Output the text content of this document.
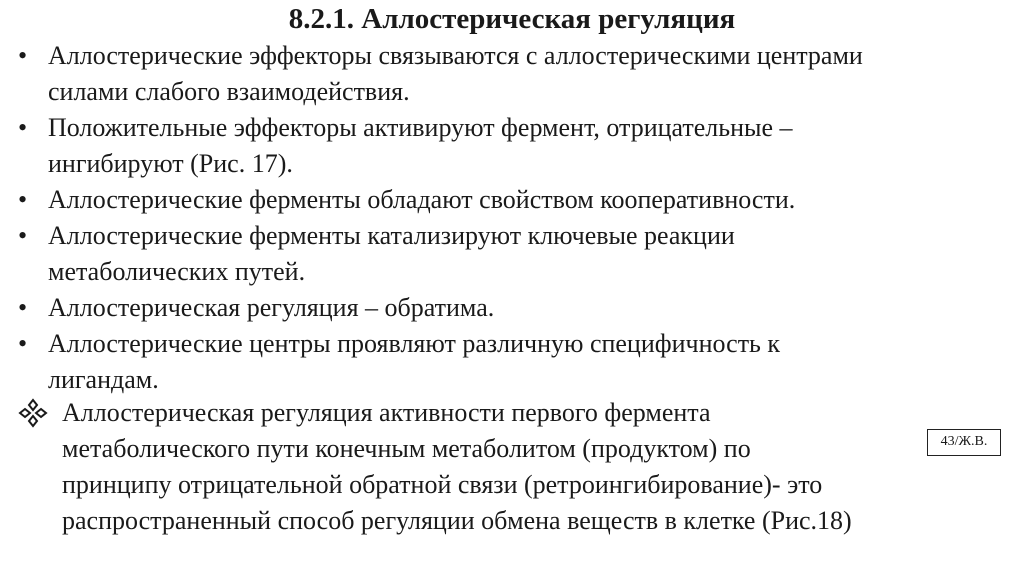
8.2.1. Аллостерическая регуляция
• Аллостерические эффекторы связываются с аллостерическими центрами
силами слабого взаимодействия.
• Положительные эффекторы активируют фермент, отрицательные –
ингибируют (Рис. 17).
• Аллостерические ферменты обладают свойством кооперативности.
• Аллостерические ферменты катализируют ключевые реакции
метаболических путей.
• Аллостерическая регуляция – обратима.
• Аллостерические центры проявляют различную специфичность к
лигандам.
Аллостерическая регуляция активности первого фермента
метаболического пути конечным метаболитом (продуктом) по
принципу отрицательной обратной связи (ретроингибирование)- это
распространенный способ регуляции обмена веществ в клетке (Рис.18)
43/Ж.В.
